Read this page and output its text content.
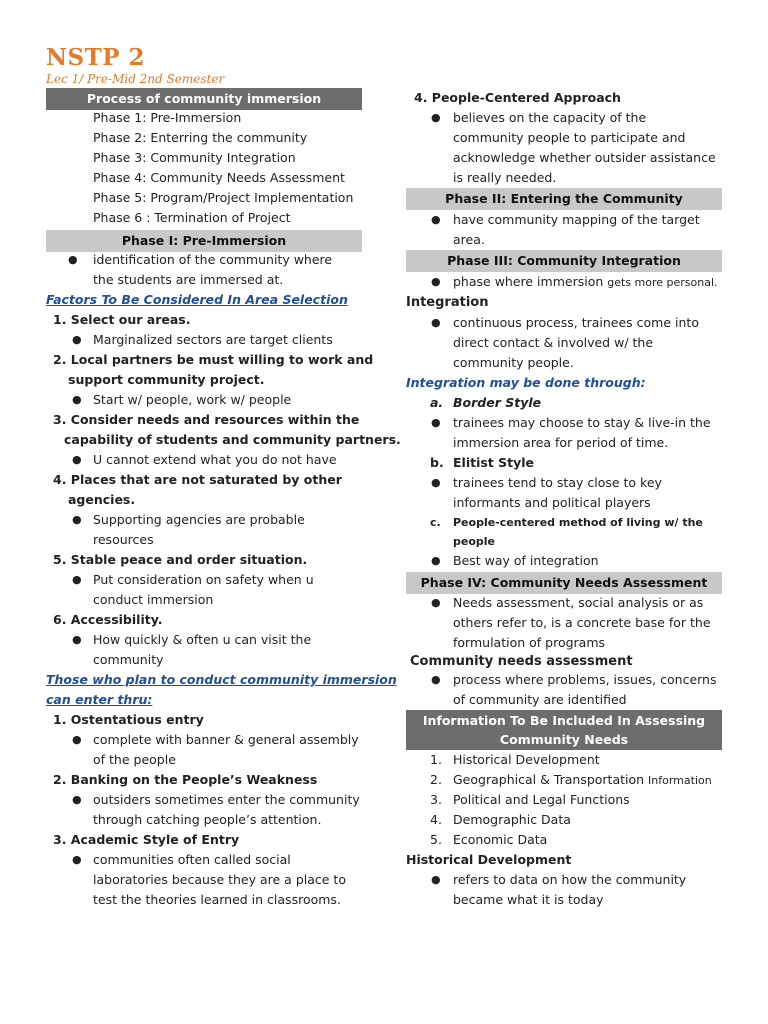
NSTP 2
Lec 1/ Pre-Mid 2nd Semester
Process of community immersion
Phase 1: Pre-Immersion
Phase 2: Enterring the community
Phase 3: Community Integration
Phase 4: Community Needs Assessment
Phase 5: Program/Project Implementation
Phase 6 : Termination of Project
Phase I: Pre-Immersion
● identification of the community where
the students are immersed at.
Factors To Be Considered In Area Selection
1. Select our areas.
● Marginalized sectors are target clients
2. Local partners be must willing to work and
support community project.
● Start w/ people, work w/ people
3. Consider needs and resources within the
capability of students and community partners.
● U cannot extend what you do not have
4. Places that are not saturated by other
agencies.
● Supporting agencies are probable
resources
5. Stable peace and order situation.
● Put consideration on safety when u
conduct immersion
6. Accessibility.
● How quickly & often u can visit the
community
Those who plan to conduct community immersion
can enter thru:
1. Ostentatious entry
● complete with banner & general assembly
of the people
2. Banking on the People’s Weakness
● outsiders sometimes enter the community
through catching people’s attention.
3. Academic Style of Entry
● communities often called social
laboratories because they are a place to
test the theories learned in classrooms.
4. People-Centered Approach
● believes on the capacity of the
community people to participate and
acknowledge whether outsider assistance
is really needed.
Phase II: Entering the Community
● have community mapping of the target
area.
Phase III: Community Integration
● phase where immersion gets more personal.
Integration
● continuous process, trainees come into
direct contact & involved w/ the
community people.
Integration may be done through:
a. Border Style
● trainees may choose to stay & live-in the
immersion area for period of time.
b. Elitist Style
● trainees tend to stay close to key
informants and political players
c. People-centered method of living w/ the
people
● Best way of integration
Phase IV: Community Needs Assessment
● Needs assessment, social analysis or as
others refer to, is a concrete base for the
formulation of programs
Community needs assessment
● process where problems, issues, concerns
of community are identified
Information To Be Included In Assessing
Community Needs
1. Historical Development
2. Geographical & Transportation Information
3. Political and Legal Functions
4. Demographic Data
5. Economic Data
Historical Development
● refers to data on how the community
became what it is today
